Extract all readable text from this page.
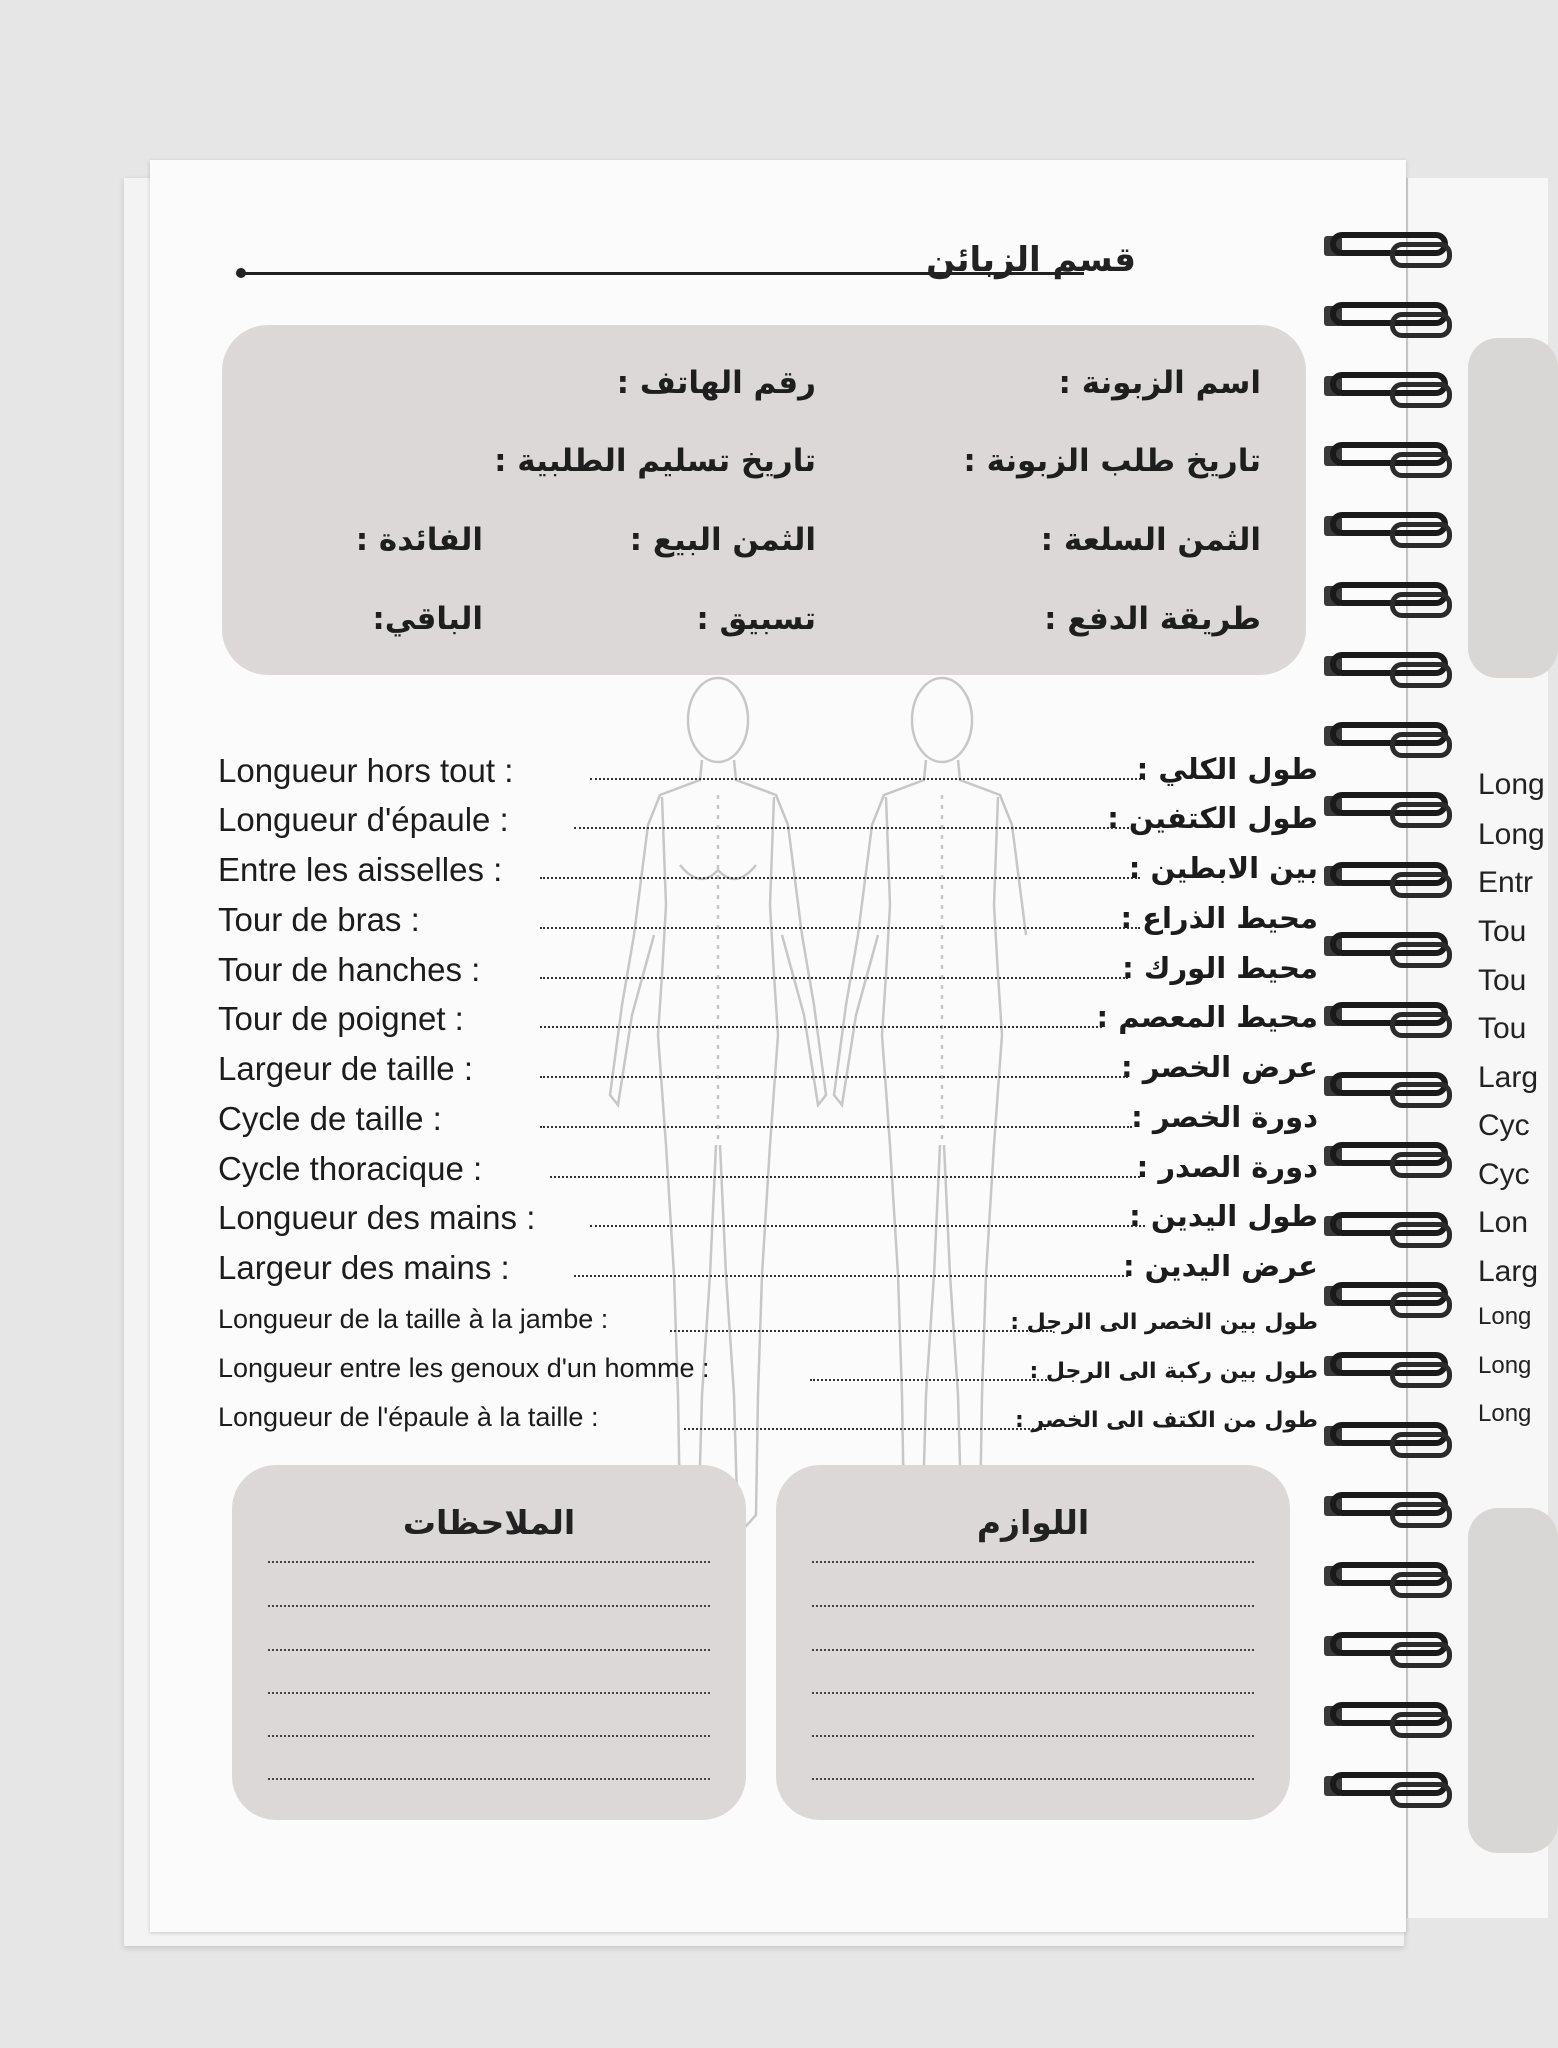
Long
Long
Entr
Tou
Tou
Tou
Larg
Cyc
Cyc
Lon
Larg
Long
Long
Long
قسم الزبائن
اسم الزبونة :
رقم الهاتف :
تاريخ طلب الزبونة :
تاريخ تسليم الطلبية :
الثمن السلعة :
الثمن البيع :
الفائدة :
طريقة الدفع :
تسبيق :
الباقي:
Longueur hors tout :	طول الكلي :
Longueur d'épaule :	طول الكتفين :
Entre les aisselles :	بين الابطين :
Tour de bras :	محيط الذراع :
Tour de hanches :	محيط الورك :
Tour de poignet :	محيط المعصم :
Largeur de taille :	عرض الخصر :
Cycle de taille :	دورة الخصر :
Cycle thoracique :	دورة الصدر :
Longueur des mains :	طول اليدين :
Largeur des mains :	عرض اليدين :
Longueur de la taille à la jambe :	طول بين الخصر الى الرجل :
Longueur entre les genoux d'un homme :	طول بين ركبة الى الرجل :
Longueur de l'épaule à la taille :	طول من الكتف الى الخصر :
الملاحظات	اللوازم
